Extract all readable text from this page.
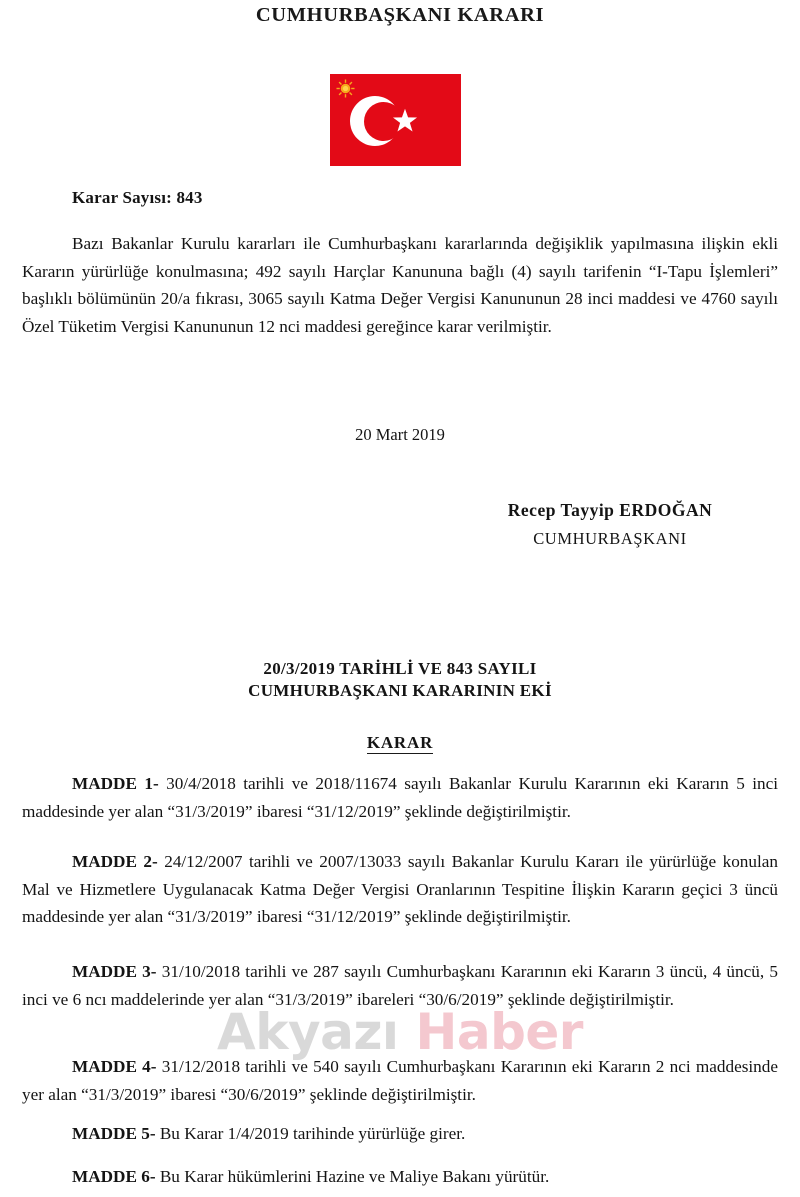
CUMHURBAŞKANI KARARI
Karar Sayısı: 843
Bazı Bakanlar Kurulu kararları ile Cumhurbaşkanı kararlarında değişiklik yapılmasına ilişkin ekli Kararın yürürlüğe konulmasına; 492 sayılı Harçlar Kanununa bağlı (4) sayılı tarifenin “I-Tapu İşlemleri” başlıklı bölümünün 20/a fıkrası, 3065 sayılı Katma Değer Vergisi Kanununun 28 inci maddesi ve 4760 sayılı Özel Tüketim Vergisi Kanununun 12 nci maddesi gereğince karar verilmiştir.
20 Mart 2019
Recep Tayyip ERDOĞAN
CUMHURBAŞKANI
20/3/2019 TARİHLİ VE 843 SAYILI
CUMHURBAŞKANI KARARININ EKİ
KARAR
Akyazı Haber
MADDE 1- 30/4/2018 tarihli ve 2018/11674 sayılı Bakanlar Kurulu Kararının eki Kararın 5 inci maddesinde yer alan “31/3/2019” ibaresi “31/12/2019” şeklinde değiştirilmiştir.
MADDE 2- 24/12/2007 tarihli ve 2007/13033 sayılı Bakanlar Kurulu Kararı ile yürürlüğe konulan Mal ve Hizmetlere Uygulanacak Katma Değer Vergisi Oranlarının Tespitine İlişkin Kararın geçici 3 üncü maddesinde yer alan “31/3/2019” ibaresi “31/12/2019” şeklinde değiştirilmiştir.
MADDE 3- 31/10/2018 tarihli ve 287 sayılı Cumhurbaşkanı Kararının eki Kararın 3 üncü, 4 üncü, 5 inci ve 6 ncı maddelerinde yer alan “31/3/2019” ibareleri “30/6/2019” şeklinde değiştirilmiştir.
MADDE 4- 31/12/2018 tarihli ve 540 sayılı Cumhurbaşkanı Kararının eki Kararın 2 nci maddesinde yer alan “31/3/2019” ibaresi “30/6/2019” şeklinde değiştirilmiştir.
MADDE 5- Bu Karar 1/4/2019 tarihinde yürürlüğe girer.
MADDE 6- Bu Karar hükümlerini Hazine ve Maliye Bakanı yürütür.
